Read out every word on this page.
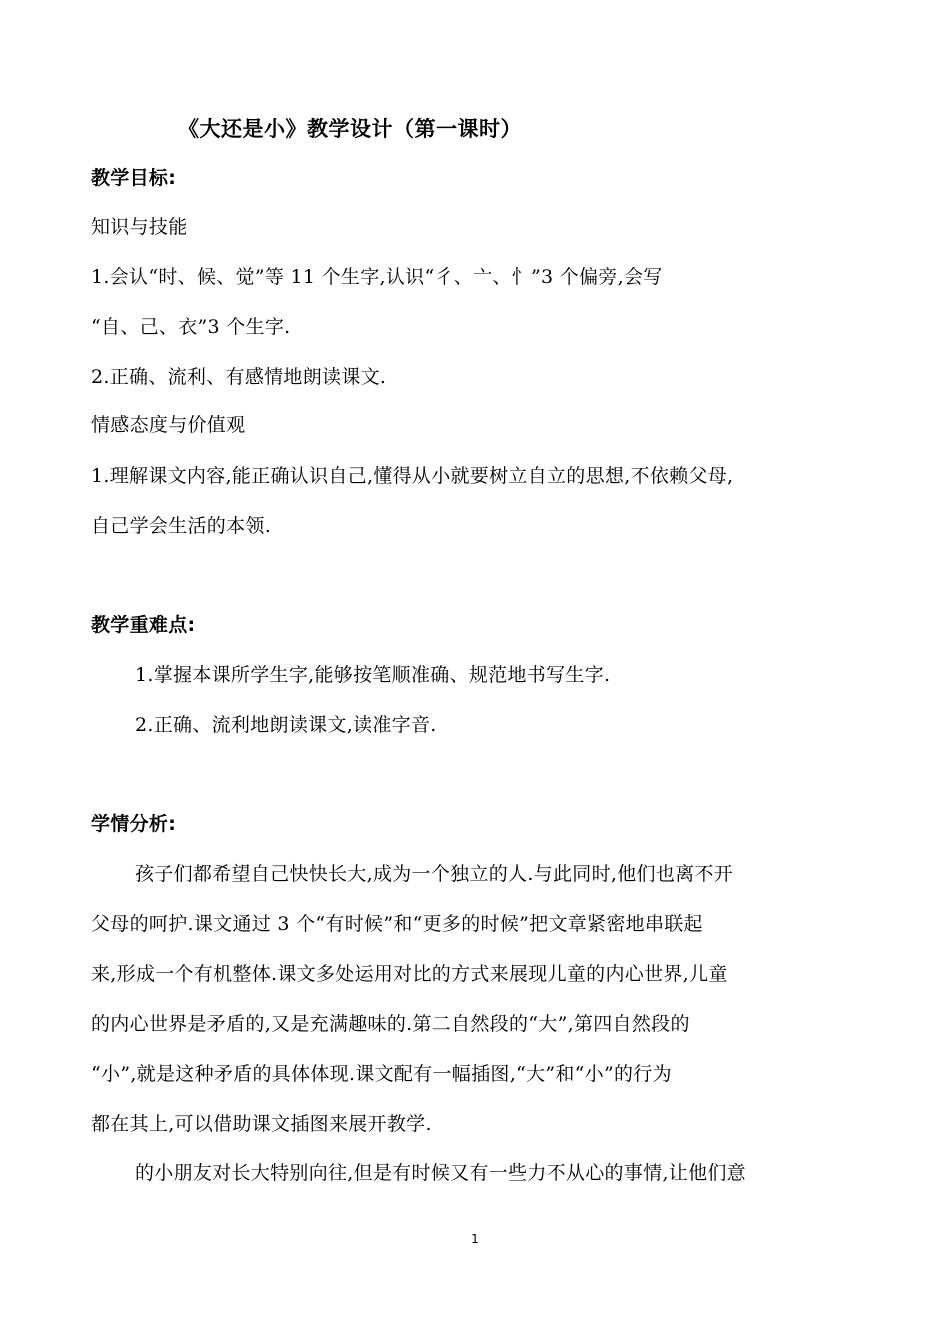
《大还是小》教学设计（第一课时）
教学目标:
知识与技能
1.会认“时、候、觉”等 11 个生字,认识“彳、亠、忄”3 个偏旁,会写
“自、己、衣”3 个生字.
2.正确、流利、有感情地朗读课文.
情感态度与价值观
1.理解课文内容,能正确认识自己,懂得从小就要树立自立的思想,不依赖父母,
自己学会生活的本领.
教学重难点:
1.掌握本课所学生字,能够按笔顺准确、规范地书写生字.
2.正确、流利地朗读课文,读准字音.
学情分析:
孩子们都希望自己快快长大,成为一个独立的人.与此同时,他们也离不开
父母的呵护.课文通过 3 个“有时候”和“更多的时候”把文章紧密地串联起
来,形成一个有机整体.课文多处运用对比的方式来展现儿童的内心世界,儿童
的内心世界是矛盾的,又是充满趣味的.第二自然段的“大”,第四自然段的
“小”,就是这种矛盾的具体体现.课文配有一幅插图,“大”和“小”的行为
都在其上,可以借助课文插图来展开教学.
的小朋友对长大特别向往,但是有时候又有一些力不从心的事情,让他们意
1
